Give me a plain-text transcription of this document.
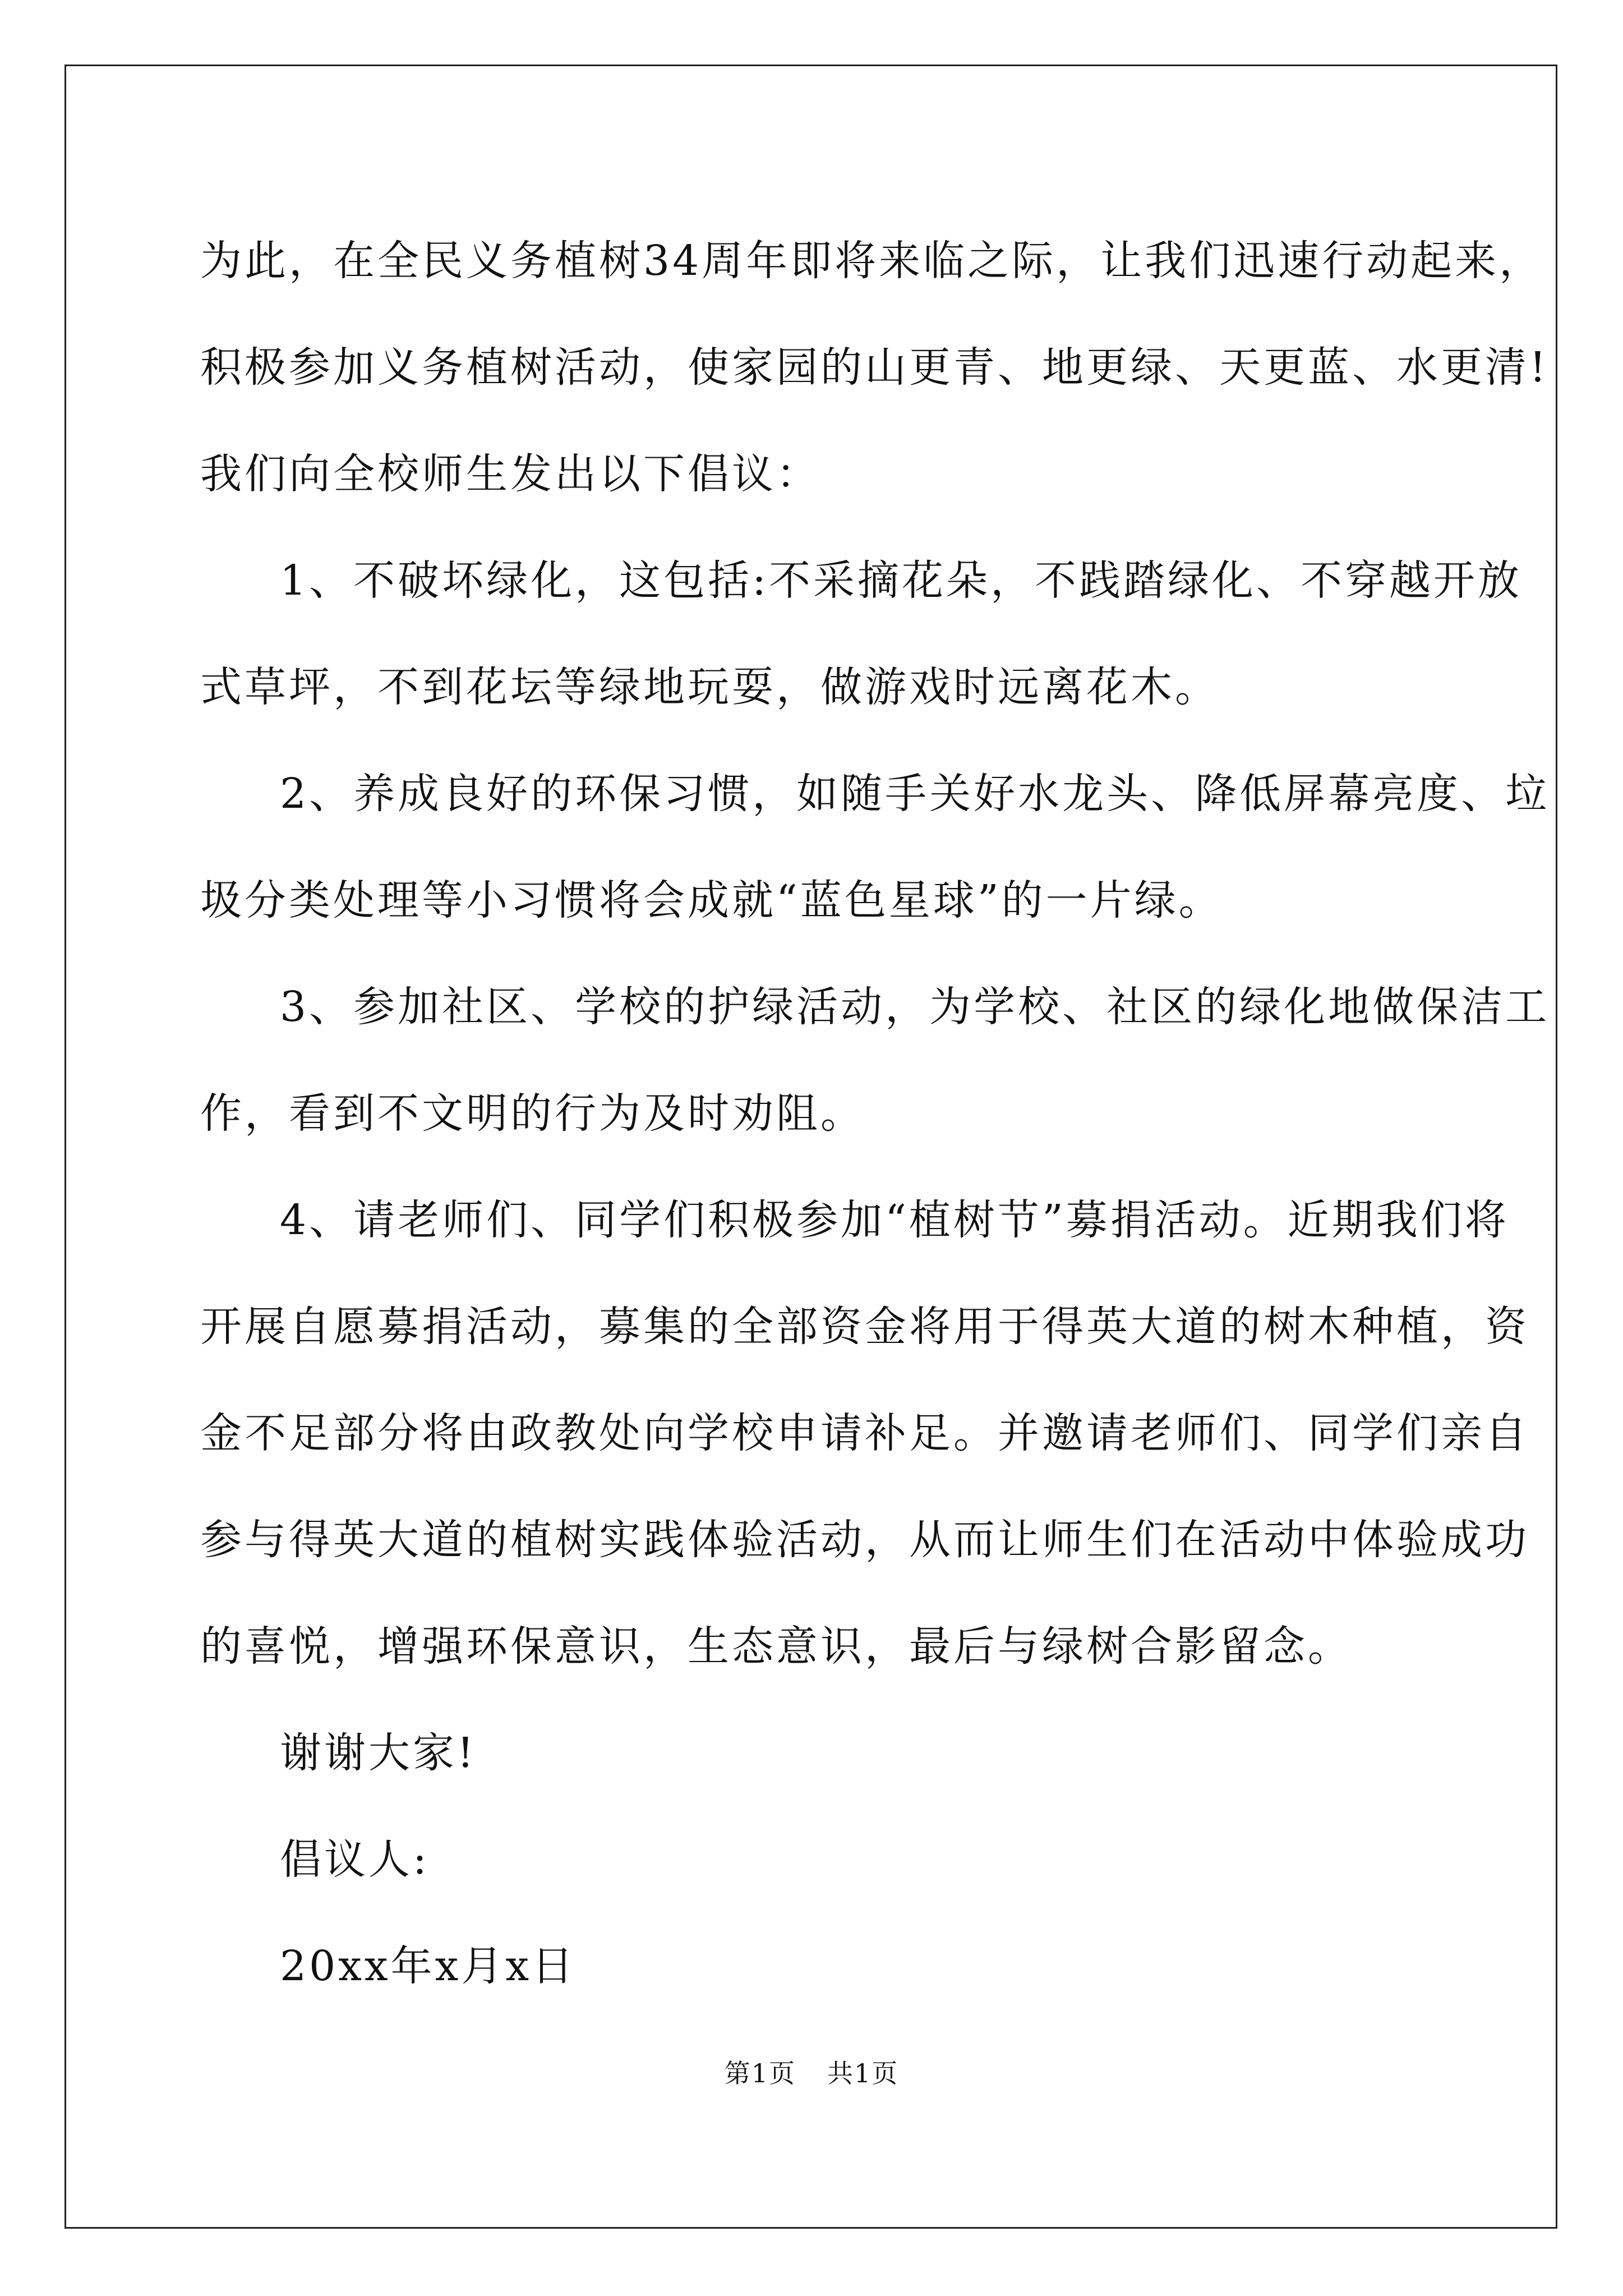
为此，在全民义务植树34周年即将来临之际，让我们迅速行动起来，
积极参加义务植树活动，使家园的山更青、地更绿、天更蓝、水更清!
我们向全校师生发出以下倡议：
1、不破坏绿化，这包括:不采摘花朵，不践踏绿化、不穿越开放
式草坪，不到花坛等绿地玩耍，做游戏时远离花木。
2、养成良好的环保习惯，如随手关好水龙头、降低屏幕亮度、垃
圾分类处理等小习惯将会成就“蓝色星球”的一片绿。
3、参加社区、学校的护绿活动，为学校、社区的绿化地做保洁工
作，看到不文明的行为及时劝阻。
4、请老师们、同学们积极参加“植树节”募捐活动。近期我们将
开展自愿募捐活动，募集的全部资金将用于得英大道的树木种植，资
金不足部分将由政教处向学校申请补足。并邀请老师们、同学们亲自
参与得英大道的植树实践体验活动，从而让师生们在活动中体验成功
的喜悦，增强环保意识，生态意识，最后与绿树合影留念。
谢谢大家!
倡议人:
20xx年x月x日
第1页 共1页
